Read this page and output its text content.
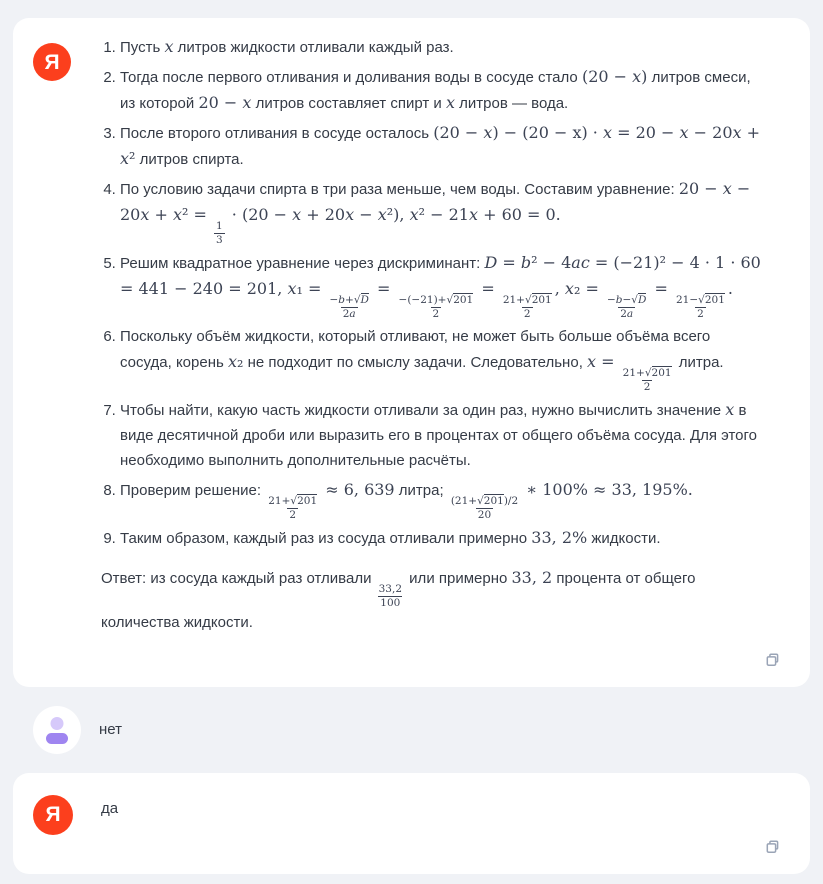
Я
1. Пусть x литров жидкости отливали каждый раз.
2. Тогда после первого отливания и доливания воды в сосуде стало (20 − x) литров смеси, из которой 20 − x литров составляет спирт и x литров — вода.
3. После второго отливания в сосуде осталось (20 − x) − (20 − х) · x = 20 − x − 20x + x² литров спирта.
4. По условию задачи спирта в три раза меньше, чем воды. Составим уравнение: 20 − x − 20x + x² =
$\frac{1}{3}$
· (20 − x + 20x − x²), x² − 21x + 60 = 0.
5. Решим квадратное уравнение через дискриминант: D = b² − 4ac = (−21)² − 4 · 1 · 60 = 441 − 240 = 201, x₁ =
$\frac{-b+√D}{2a}$
=
$\frac{-(-21)+√201}{2}$
=
$\frac{21+√201}{2}$
, x₂ =
$\frac{-b-√D}{2a}$
=
$\frac{21-√201}{2}$
.
6. Поскольку объём жидкости, который отливают, не может быть больше объёма всего сосуда, корень x₂ не подходит по смыслу задачи. Следовательно, x =
$\frac{21+√201}{2}$
литра.
7. Чтобы найти, какую часть жидкости отливали за один раз, нужно вычислить значение x в виде десятичной дроби или выразить его в процентах от общего объёма сосуда. Для этого необходимо выполнить дополнительные расчёты.
8. Проверим решение:
$\frac{21+√201}{2}$
≈ 6, 639 литра;
$\frac{(21+√201)/2}{20}$
∗ 100% ≈ 33, 195%.
9. Таким образом, каждый раз из сосуда отливали примерно 33, 2% жидкости.

Ответ: из сосуда каждый раз отливали
$\frac{33,2}{100}$
или примерно 33, 2 процента от общего количества жидкости.

нет
Я	да
